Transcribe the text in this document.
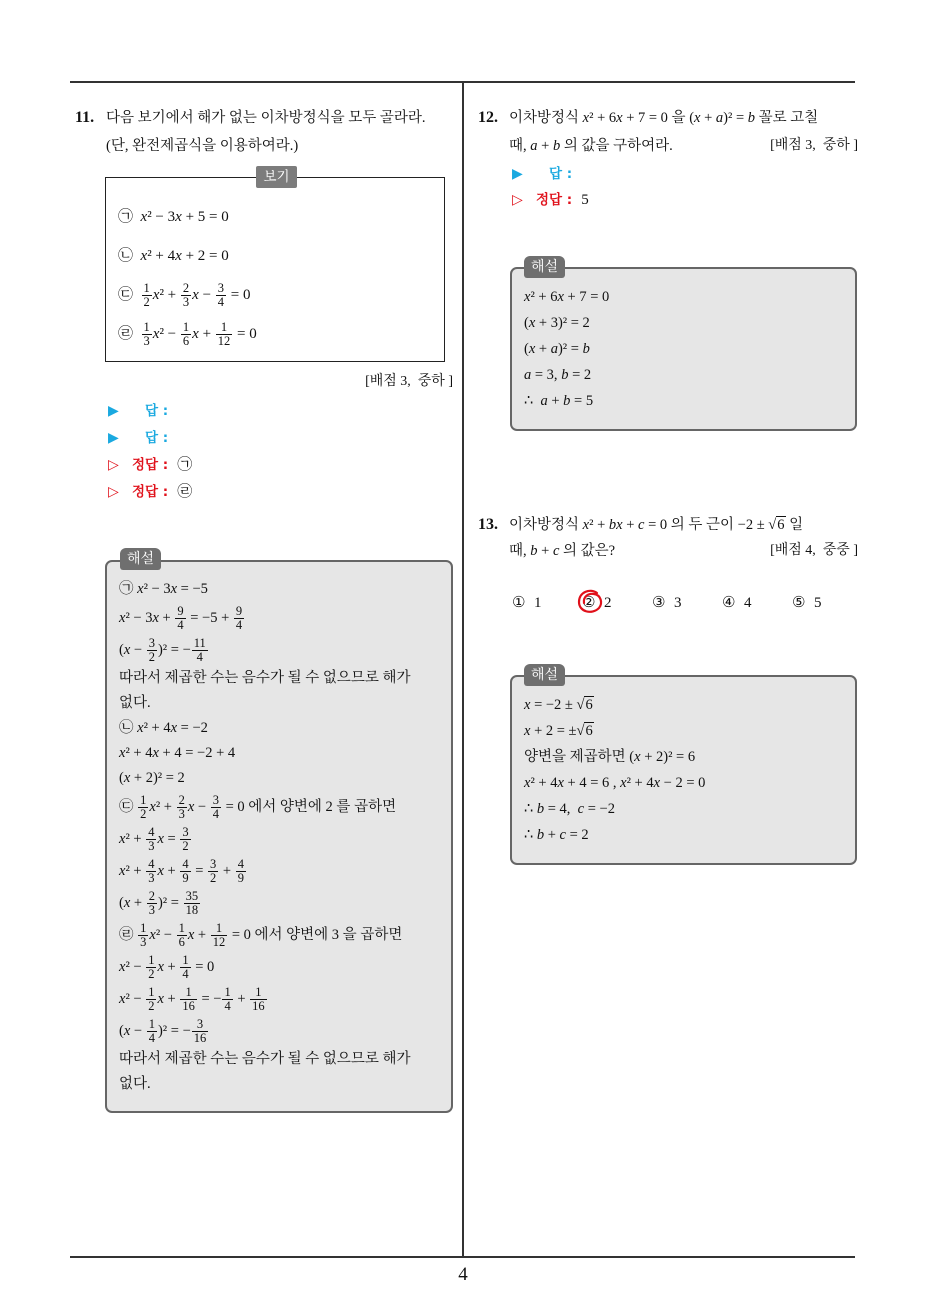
4
11. 다음 보기에서 해가 없는 이차방정식을 모두 골라라.
(단, 완전제곱식을 이용하여라.)
보기
㉠  x² − 3x + 5 = 0
㉡  x² + 4x + 2 = 0
㉢ $\frac{1}{2} x^2 + \frac{2}{3}$ $x - \frac{3}{4} = 0$
㉣ $\frac{1}{3} x^2 - \frac{1}{6}$ $x + \frac{1}{12} = 0$
[배점 3,  중하 ]
▶	답 :
▶	답 :
▷ 정답 : ㉠
▷ 정답 : ㉣
㉠ x² − 3x = −5
$x^2 - 3x + \frac{9}{4} = -5 + \frac{9}{4}$
$(x - \frac{3}{2} )^2$ = − $\frac{11}{4}$
따라서 제곱한 수는 음수가 될 수 없으므로 해가
없다.
㉡ x² + 4x = −2
x² + 4x + 4 = −2 + 4
(x + 2)² = 2
㉢ $\frac{1}{2} x^2 + \frac{2}{3}$ $x - \frac{3}{4} = 0$ 에서 양변에 2 를 곱하면
$x^2 + \frac{4}{3}$ $x = \frac{3}{2}$
$x^2 + \frac{4}{3}$ $x + \frac{4}{9} = \frac{3}{2} + \frac{4}{9}$
$(x + \frac{2}{3} )^2 = \frac{35}{18}$
㉣ $\frac{1}{3} x^2 - \frac{1}{6}$ $x + \frac{1}{12} = 0$ 에서 양변에 3 을 곱하면
$x^2 - \frac{1}{2}$ $x + \frac{1}{4} = 0$
$x^2 - \frac{1}{2}$ $x + \frac{1}{16}$ = − $\frac{1}{4} + \frac{1}{16}$
$(x - \frac{1}{4} )^2$ = − $\frac{3}{16}$
따라서 제곱한 수는 음수가 될 수 없으므로 해가
없다.
해설
12. 이차방정식 x² + 6x + 7 = 0 을 (x + a)² = b 꼴로 고칠
때, a + b 의 값을 구하여라.	[배점 3,  중하 ]
▶	답 :
▷ 정답 : 5
x² + 6x + 7 = 0
(x + 3)² = 2
(x + a)² = b
a = 3, b = 2
∴  a + b = 5
해설
13. 이차방정식 x² + bx + c = 0 의 두 근이 −2 ± √6 일
때, b + c 의 값은?	[배점 4,  중중 ]
① 1	② 2	③ 3	④ 4	⑤ 5
x = −2 ± √6
x + 2 = ±√6
양변을 제곱하면 (x + 2)² = 6
x² + 4x + 4 = 6 , x² + 4x − 2 = 0
∴ b = 4,  c = −2
∴ b + c = 2
해설
